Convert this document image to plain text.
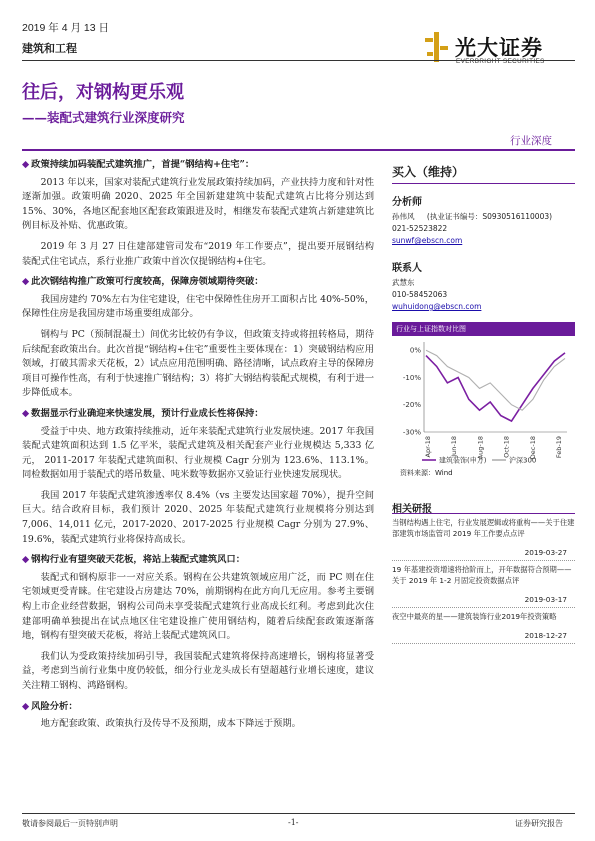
2019 年 4 月 13 日
建筑和工程	光大证券
EVERBRIGHT SECURITIES
往后，对钢构更乐观
——装配式建筑行业深度研究
行业深度
◆ 政策持续加码装配式建筑推广，首提“钢结构+住宅”：

2013 年以来，国家对装配式建筑行业发展政策持续加码，产业扶持力度和针对性逐渐加强。政策明确 2020、2025 年全国新建建筑中装配式建筑占比将分别达到 15%、30%，各地区配套地区配套政策跟进及时，相继发布装配式建筑占新建建筑比例目标及补贴、优惠政策。

2019 年 3 月 27 日住建部建管司发布“2019 年工作要点”，提出要开展钢结构装配式住宅试点，系行业推广政策中首次仅提钢结构+住宅。

◆ 此次钢结构推广政策可行度较高，保障房领域期待突破：

我国房建约 70%左右为住宅建设，住宅中保障性住房开工面积占比 40%-50%，保障性住房是我国房建市场重要组成部分。

钢构与 PC（预制混凝土）间优劣比较仍有争议，但政策支持或将扭转格局，期待后续配套政策出台。此次首提“钢结构+住宅”重要性主要体现在：1）突破钢结构应用领域，打破其需求天花板，2）试点应用范围明确、路径清晰，试点政府主导的保障房项目可操作性高，有利于快速推广钢结构；3）将扩大钢结构装配式规模，有利于进一步降低成本。

◆ 数据显示行业确迎来快速发展，预计行业成长性将保持：

受益于中央、地方政策持续推动，近年来装配式建筑行业发展快速。2017 年我国装配式建筑面积达到 1.5 亿平米，装配式建筑及相关配套产业行业规模达 5,333 亿元， 2011-2017 年装配式建筑面积、行业规模 Cagr 分别为 123.6%、113.1%。同检数据如用于装配式的塔吊数量、吨米数等数据亦又验证行业快速发展现状。

我国 2017 年装配式建筑渗透率仅 8.4%（vs 主要发达国家超 70%），提升空间巨大。结合政府目标，我们预计 2020、2025 年装配式建筑行业规模将分别达到 7,006、14,011 亿元，2017-2020、2017-2025 行业规模 Cagr 分别为 27.9%、19.6%，装配式建筑行业将保持高成长。

◆ 钢构行业有望突破天花板，将站上装配式建筑风口：

装配式和钢构原非一一对应关系。钢构在公共建筑领域应用广泛，而 PC 则在住宅领域更受青睐。住宅建设占房建达 70%，前期钢构在此方向几无应用。参考主要钢构上市企业经营数据，钢构公司尚未享受装配式建筑行业高成长红利。考虑到此次住建部明确单独提出在试点地区住宅建设推广使用钢结构，随着后续配套政策逐渐落地，钢构有望突破天花板，将站上装配式建筑风口。

我们认为受政策持续加码引导，我国装配式建筑将保持高速增长，钢构将显著受益，考虑到当前行业集中度仍较低，细分行业龙头成长有望超越行业增长速度，建议关注精工钢构、鸿路钢构。

◆ 风险分析：

地方配套政策、政策执行及传导不及预期，成本下降远于预期。

买入（维持）
分析师
孙伟风 (执业证书编号：S0930516110003)
021-52523822
sunwf@ebscn.com
联系人
武慧东
010-58452063
wuhuidong@ebscn.com
行业与上证指数对比图
0%
-10%
-20%
-30%
Apr-18	Jun-18	Aug-18	Oct-18	Dec-18	Feb-19
建筑装饰(申万)	沪深300
资料来源：Wind
相关研报
当钢结构遇上住宅，行业发展逻辑或将重构——关于住建部建筑市场监管司 2019 年工作要点点评
2019-03-27
19 年基建投资增速将拾阶而上，开年数据符合预期——关于 2019 年 1-2 月固定投资数据点评
2019-03-17
夜空中最亮的星——建筑装饰行业2019年投资策略
2018-12-27
敬请参阅最后一页特别声明	-1-	证券研究报告
